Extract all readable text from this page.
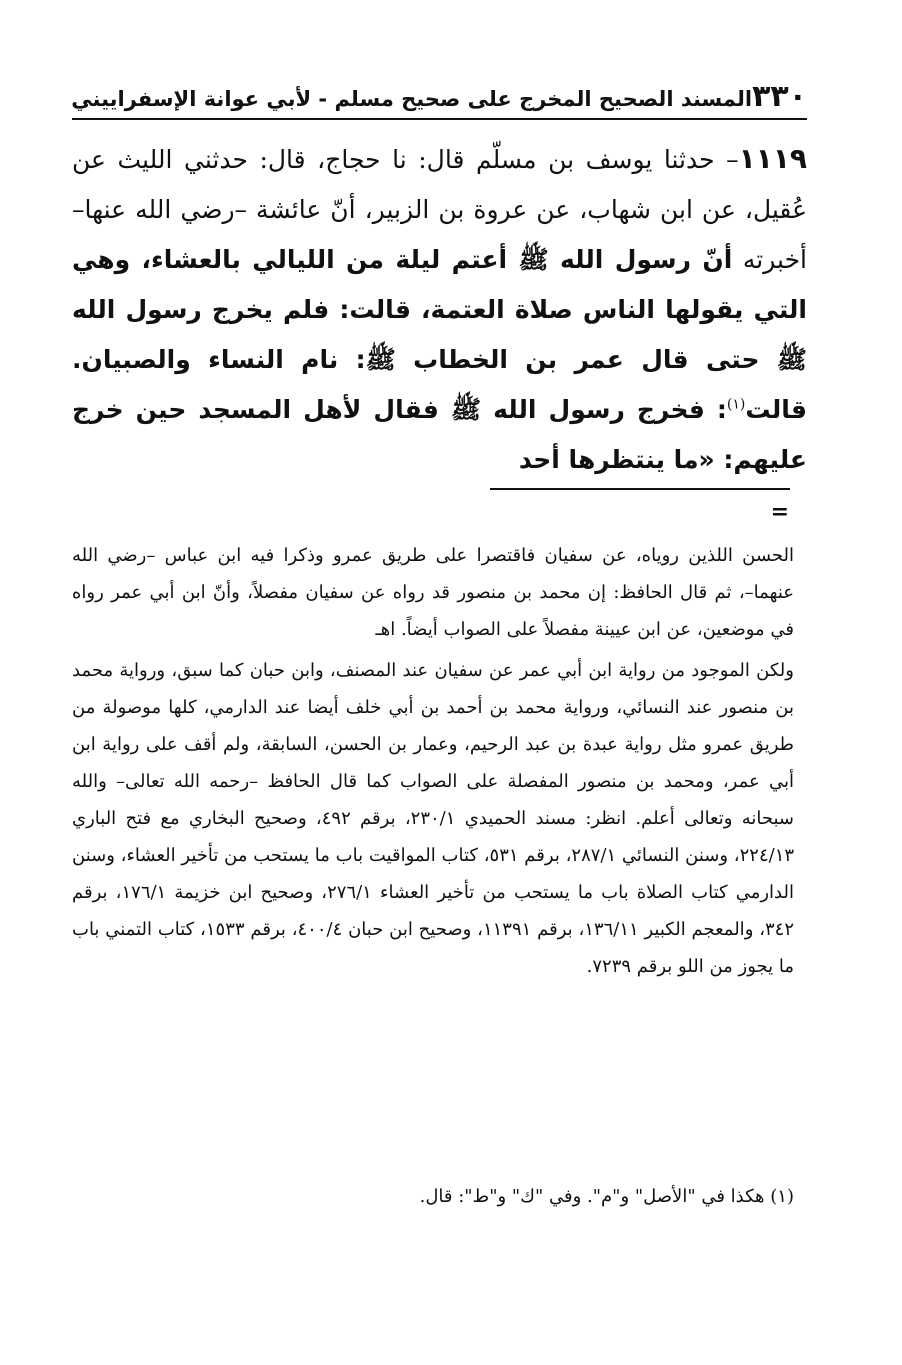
٣٣٠
المسند الصحيح المخرج على صحيح مسلم - لأبي عوانة الإسفراييني
١١١٩– حدثنا يوسف بن مسلّم قال: نا حجاج، قال: حدثني الليث عن عُقيل، عن ابن شهاب، عن عروة بن الزبير، أنّ عائشة –رضي الله عنها– أخبرته أنّ رسول الله ﷺ أعتم ليلة من الليالي بالعشاء، وهي التي يقولها الناس صلاة العتمة، قالت: فلم يخرج رسول الله ﷺ حتى قال عمر بن الخطاب ﷺ: نام النساء والصبيان. قالت$^{(١)}$: فخرج رسول الله ﷺ فقال لأهل المسجد حين خرج عليهم: «ما ينتظرها أحد
=

الحسن اللذين روياه، عن سفيان فاقتصرا على طريق عمرو وذكرا فيه ابن عباس –رضي الله عنهما–، ثم قال الحافظ: إن محمد بن منصور قد رواه عن سفيان مفصلاً، وأنّ ابن أبي عمر رواه في موضعين، عن ابن عيينة مفصلاً على الصواب أيضاً. اهـ

ولكن الموجود من رواية ابن أبي عمر عن سفيان عند المصنف، وابن حبان كما سبق، ورواية محمد بن منصور عند النسائي، ورواية محمد بن أحمد بن أبي خلف أيضا عند الدارمي، كلها موصولة من طريق عمرو مثل رواية عبدة بن عبد الرحيم، وعمار بن الحسن، السابقة، ولم أقف على رواية ابن أبي عمر، ومحمد بن منصور المفصلة على الصواب كما قال الحافظ –رحمه الله تعالى– والله سبحانه وتعالى أعلم. انظر: مسند الحميدي ٢٣٠/١، برقم ٤٩٢، وصحيح البخاري مع فتح الباري ٢٢٤/١٣، وسنن النسائي ٢٨٧/١، برقم ٥٣١، كتاب المواقيت باب ما يستحب من تأخير العشاء، وسنن الدارمي كتاب الصلاة باب ما يستحب من تأخير العشاء ٢٧٦/١، وصحيح ابن خزيمة ١٧٦/١، برقم ٣٤٢، والمعجم الكبير ١٣٦/١١، برقم ١١٣٩١، وصحيح ابن حبان ٤٠٠/٤، برقم ١٥٣٣، كتاب التمني باب ما يجوز من اللو برقم ٧٢٣٩.

(١) هكذا في "الأصل" و"م". وفي "ك" و"ط": قال.
